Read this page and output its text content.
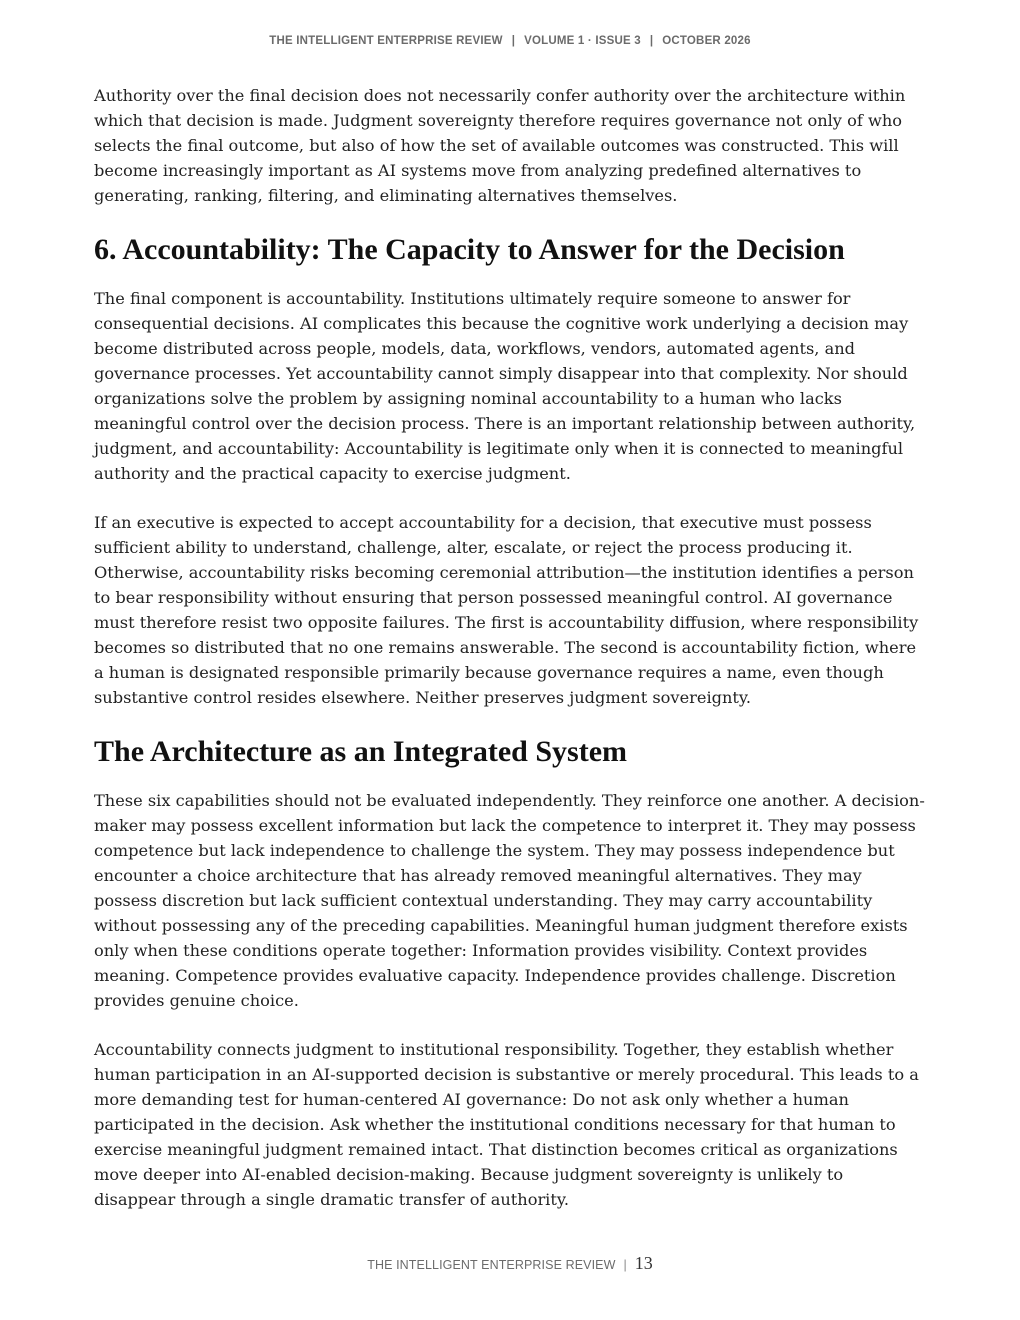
THE INTELLIGENT ENTERPRISE REVIEW | VOLUME 1 · ISSUE 3 | OCTOBER 2026

Authority over the final decision does not necessarily confer authority over the architecture within which that decision is made. Judgment sovereignty therefore requires governance not only of who selects the final outcome, but also of how the set of available outcomes was constructed. This will become increasingly important as AI systems move from analyzing predefined alternatives to generating, ranking, filtering, and eliminating alternatives themselves.

6. Accountability: The Capacity to Answer for the Decision

The final component is accountability. Institutions ultimately require someone to answer for consequential decisions. AI complicates this because the cognitive work underlying a decision may become distributed across people, models, data, workflows, vendors, automated agents, and governance processes. Yet accountability cannot simply disappear into that complexity. Nor should organizations solve the problem by assigning nominal accountability to a human who lacks meaningful control over the decision process. There is an important relationship between authority, judgment, and accountability: Accountability is legitimate only when it is connected to meaningful authority and the practical capacity to exercise judgment.

If an executive is expected to accept accountability for a decision, that executive must possess sufficient ability to understand, challenge, alter, escalate, or reject the process producing it. Otherwise, accountability risks becoming ceremonial attribution—the institution identifies a person to bear responsibility without ensuring that person possessed meaningful control. AI governance must therefore resist two opposite failures. The first is accountability diffusion, where responsibility becomes so distributed that no one remains answerable. The second is accountability fiction, where a human is designated responsible primarily because governance requires a name, even though substantive control resides elsewhere. Neither preserves judgment sovereignty.

The Architecture as an Integrated System

These six capabilities should not be evaluated independently. They reinforce one another. A decision-maker may possess excellent information but lack the competence to interpret it. They may possess competence but lack independence to challenge the system. They may possess independence but encounter a choice architecture that has already removed meaningful alternatives. They may possess discretion but lack sufficient contextual understanding. They may carry accountability without possessing any of the preceding capabilities. Meaningful human judgment therefore exists only when these conditions operate together: Information provides visibility. Context provides meaning. Competence provides evaluative capacity. Independence provides challenge. Discretion provides genuine choice.

Accountability connects judgment to institutional responsibility. Together, they establish whether human participation in an AI-supported decision is substantive or merely procedural. This leads to a more demanding test for human-centered AI governance: Do not ask only whether a human participated in the decision. Ask whether the institutional conditions necessary for that human to exercise meaningful judgment remained intact. That distinction becomes critical as organizations move deeper into AI-enabled decision-making. Because judgment sovereignty is unlikely to disappear through a single dramatic transfer of authority.

THE INTELLIGENT ENTERPRISE REVIEW | 13
